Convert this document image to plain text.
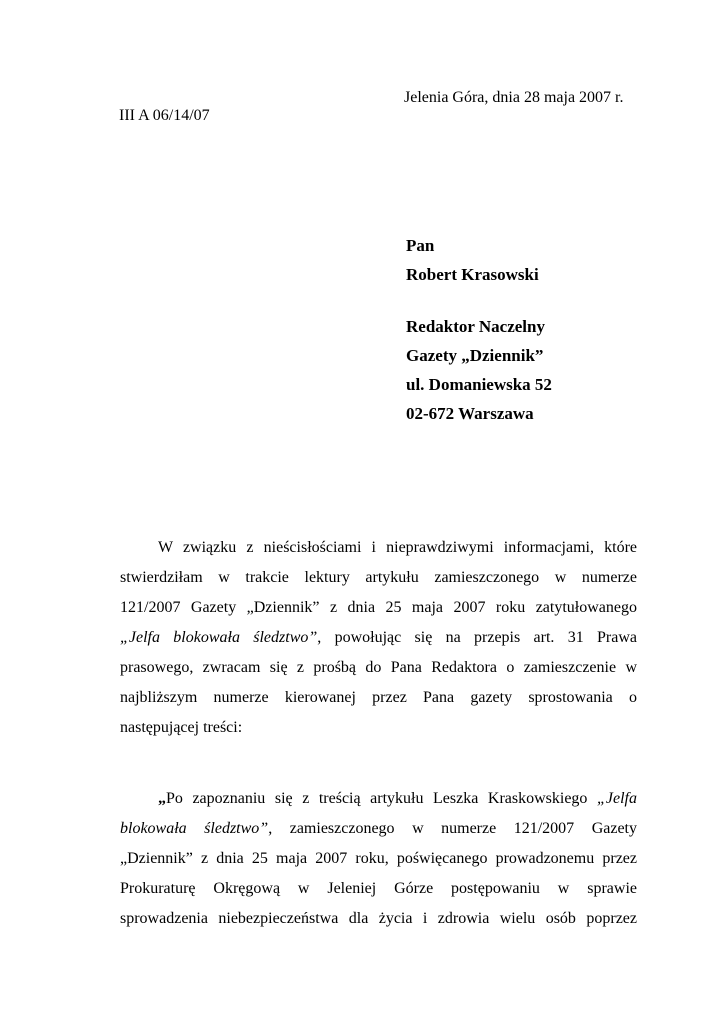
Jelenia Góra, dnia 28 maja 2007 r.
III A 06/14/07
Pan
Robert Krasowski
Redaktor Naczelny
Gazety „Dziennik”
ul. Domaniewska 52
02-672 Warszawa
W związku z nieścisłościami i nieprawdziwymi informacjami, które
stwierdziłam w trakcie lektury artykułu zamieszczonego w numerze
121/2007 Gazety „Dziennik” z dnia 25 maja 2007 roku zatytułowanego
„Jelfa blokowała śledztwo”, powołując się na przepis art. 31 Prawa
prasowego, zwracam się z prośbą do Pana Redaktora o zamieszczenie w
najbliższym numerze kierowanej przez Pana gazety sprostowania o
następującej treści:
„Po zapoznaniu się z treścią artykułu Leszka Kraskowskiego „Jelfa
blokowała śledztwo”, zamieszczonego w numerze 121/2007 Gazety
„Dziennik” z dnia 25 maja 2007 roku, poświęcanego prowadzonemu przez
Prokuraturę Okręgową w Jeleniej Górze postępowaniu w sprawie
sprowadzenia niebezpieczeństwa dla życia i zdrowia wielu osób poprzez
